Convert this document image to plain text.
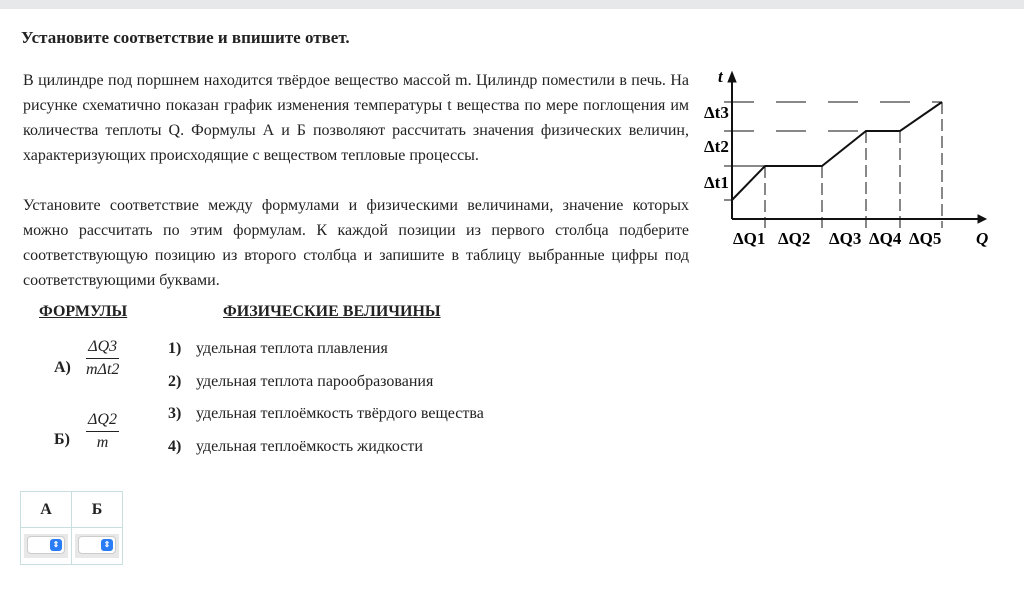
Установите соответствие и впишите ответ.
В цилиндре под поршнем находится твёрдое вещество массой m. Цилиндр поместили в печь. На рисунке схематично показан график изменения температуры t вещества по мере поглощения им количества теплоты Q. Формулы А и Б позволяют рассчитать значения физических величин, характеризующих происходящие с веществом тепловые процессы.
Установите соответствие между формулами и физическими величинами, значение которых можно рассчитать по этим формулам. К каждой позиции из первого столбца подберите соответствующую позицию из второго столбца и запишите в таблицу выбранные цифры под соответствующими буквами.
t
Q
Δt1
Δt2
Δt3
ΔQ1 ΔQ2 ΔQ3 ΔQ4 ΔQ5
ФОРМУЛЫ	ФИЗИЧЕСКИЕ ВЕЛИЧИНЫ
А)
ΔQ3
mΔt2
$Б) \frac{\Delta Q2}{m}$
1) удельная теплота плавления
2) удельная теплота парообразования
3) удельная теплоёмкость твёрдого вещества
4) удельная теплоёмкость жидкости
А	Б

⇕	⇕
